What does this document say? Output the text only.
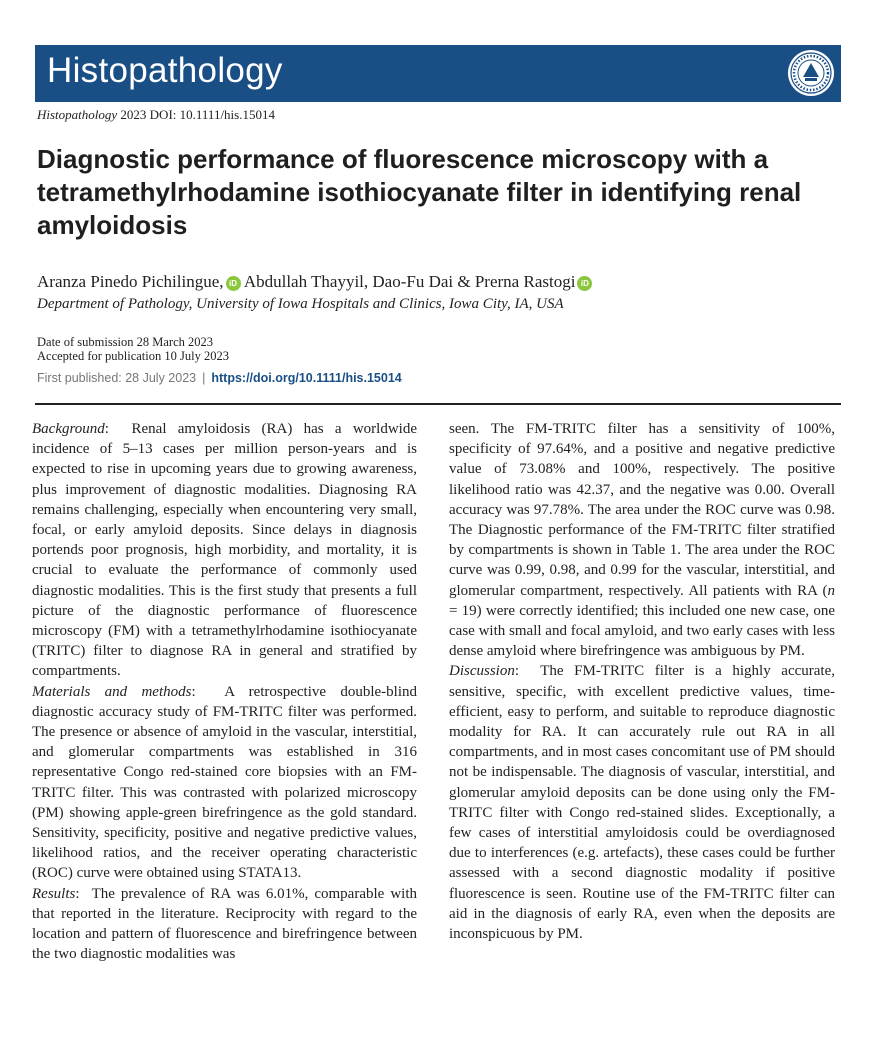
Histopathology
Histopathology 2023 DOI: 10.1111/his.15014
Diagnostic performance of fluorescence microscopy with a tetramethylrhodamine isothiocyanate filter in identifying renal amyloidosis
Aranza Pinedo Pichilingue, iD Abdullah Thayyil, Dao-Fu Dai & Prerna Rastogi iD
Department of Pathology, University of Iowa Hospitals and Clinics, Iowa City, IA, USA
Date of submission 28 March 2023
Accepted for publication 10 July 2023
First published: 28 July 2023 | https://doi.org/10.1111/his.15014

Background:  Renal amyloidosis (RA) has a worldwide incidence of 5–13 cases per million person-years and is expected to rise in upcoming years due to growing awareness, plus improvement of diagnostic modalities. Diagnosing RA remains challenging, especially when encountering very small, focal, or early amyloid deposits. Since delays in diagnosis portends poor prognosis, high morbidity, and mortality, it is crucial to evaluate the performance of commonly used diagnostic modalities. This is the first study that presents a full picture of the diagnostic performance of fluorescence microscopy (FM) with a tetramethylrhodamine isothiocyanate (TRITC) filter to diagnose RA in general and stratified by compartments.

Materials and methods:  A retrospective double-blind diagnostic accuracy study of FM-TRITC filter was performed. The presence or absence of amyloid in the vascular, interstitial, and glomerular compartments was established in 316 representative Congo red-stained core biopsies with an FM-TRITC filter. This was contrasted with polarized microscopy (PM) showing apple-green birefringence as the gold standard. Sensitivity, specificity, positive and negative predictive values, likelihood ratios, and the receiver operating characteristic (ROC) curve were obtained using STATA13.

Results:  The prevalence of RA was 6.01%, comparable with that reported in the literature. Reciprocity with regard to the location and pattern of fluorescence and birefringence between the two diagnostic modalities was

seen. The FM-TRITC filter has a sensitivity of 100%, specificity of 97.64%, and a positive and negative predictive value of 73.08% and 100%, respectively. The positive likelihood ratio was 42.37, and the negative was 0.00. Overall accuracy was 97.78%. The area under the ROC curve was 0.98. The Diagnostic performance of the FM-TRITC filter stratified by compartments is shown in Table 1. The area under the ROC curve was 0.99, 0.98, and 0.99 for the vascular, interstitial, and glomerular compartment, respectively. All patients with RA (n = 19) were correctly identified; this included one new case, one case with small and focal amyloid, and two early cases with less dense amyloid where birefringence was ambiguous by PM.

Discussion:  The FM-TRITC filter is a highly accurate, sensitive, specific, with excellent predictive values, time-efficient, easy to perform, and suitable to reproduce diagnostic modality for RA. It can accurately rule out RA in all compartments, and in most cases concomitant use of PM should not be indispensable. The diagnosis of vascular, interstitial, and glomerular amyloid deposits can be done using only the FM-TRITC filter with Congo red-stained slides. Exceptionally, a few cases of interstitial amyloidosis could be overdiagnosed due to interferences (e.g. artefacts), these cases could be further assessed with a second diagnostic modality if positive fluorescence is seen. Routine use of the FM-TRITC filter can aid in the diagnosis of early RA, even when the deposits are inconspicuous by PM.
